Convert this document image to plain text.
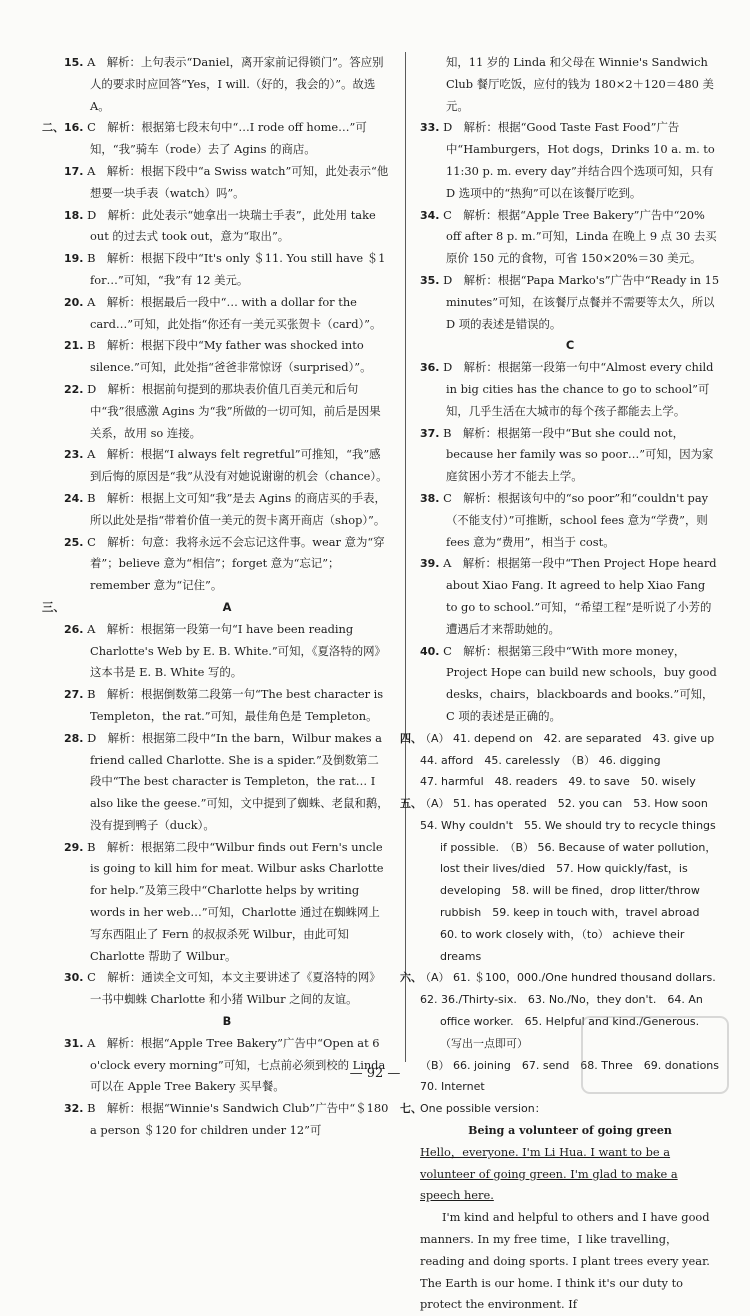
15. A　解析：上句表示“Daniel，离开家前记得锁门”。答应别人的要求时应回答“Yes，I will.（好的，我会的）”。故选 A。

二、 16. C　解析：根据第七段末句中“…I rode off home…”可知，“我”骑车（rode）去了 Agins 的商店。

17. A　解析：根据下段中“a Swiss watch”可知，此处表示“他想要一块手表（watch）吗”。

18. D　解析：此处表示“她拿出一块瑞士手表”，此处用 take out 的过去式 took out，意为“取出”。

19. B　解析：根据下段中“It's only ＄11. You still have ＄1 for…”可知，“我”有 12 美元。

20. A　解析：根据最后一段中“… with a dollar for the card…”可知，此处指“你还有一美元买张贺卡（card）”。

21. B　解析：根据下段中“My father was shocked into silence.”可知，此处指“爸爸非常惊讶（surprised）”。

22. D　解析：根据前句提到的那块表价值几百美元和后句中“我”很感激 Agins 为“我”所做的一切可知，前后是因果关系，故用 so 连接。

23. A　解析：根据“I always felt regretful”可推知，“我”感到后悔的原因是“我”从没有对她说谢谢的机会（chance）。

24. B　解析：根据上文可知“我”是去 Agins 的商店买的手表，所以此处是指“带着价值一美元的贺卡离开商店（shop）”。

25. C　解析：句意：我将永远不会忘记这件事。wear 意为“穿着”；believe 意为“相信”；forget 意为“忘记”；remember 意为“记住”。

三、	A

26. A　解析：根据第一段第一句“I have been reading Charlotte's Web by E. B. White.”可知，《夏洛特的网》这本书是 E. B. White 写的。

27. B　解析：根据倒数第二段第一句“The best character is Templeton，the rat.”可知，最佳角色是 Templeton。

28. D　解析：根据第二段中“In the barn，Wilbur makes a friend called Charlotte. She is a spider.”及倒数第二段中“The best character is Templeton，the rat… I also like the geese.”可知，文中提到了蜘蛛、老鼠和鹅，没有提到鸭子（duck）。

29. B　解析：根据第二段中“Wilbur finds out Fern's uncle is going to kill him for meat. Wilbur asks Charlotte for help.”及第三段中“Charlotte helps by writing words in her web…”可知，Charlotte 通过在蜘蛛网上写东西阻止了 Fern 的叔叔杀死 Wilbur，由此可知 Charlotte 帮助了 Wilbur。

30. C　解析：通读全文可知，本文主要讲述了《夏洛特的网》一书中蜘蛛 Charlotte 和小猪 Wilbur 之间的友谊。

B

31. A　解析：根据“Apple Tree Bakery”广告中“Open at 6 o'clock every morning”可知，七点前必须到校的 Linda 可以在 Apple Tree Bakery 买早餐。

32. B　解析：根据“Winnie's Sandwich Club”广告中“＄180 a person ＄120 for children under 12”可

知，11 岁的 Linda 和父母在 Winnie's Sandwich Club 餐厅吃饭，应付的钱为 180×2＋120＝480 美元。

33. D　解析：根据“Good Taste Fast Food”广告中“Hamburgers，Hot dogs，Drinks 10 a. m. to 11:30 p. m. every day”并结合四个选项可知，只有 D 选项中的“热狗”可以在该餐厅吃到。

34. C　解析：根据“Apple Tree Bakery”广告中“20% off after 8 p. m.”可知，Linda 在晚上 9 点 30 去买原价 150 元的食物，可省 150×20%＝30 美元。

35. D　解析：根据“Papa Marko's”广告中“Ready in 15 minutes”可知，在该餐厅点餐并不需要等太久，所以 D 项的表述是错误的。

C

36. D　解析：根据第一段第一句中“Almost every child in big cities has the chance to go to school”可知，几乎生活在大城市的每个孩子都能去上学。

37. B　解析：根据第一段中“But she could not，because her family was so poor…”可知，因为家庭贫困小芳才不能去上学。

38. C　解析：根据该句中的“so poor”和“couldn't pay（不能支付）”可推断，school fees 意为“学费”，则 fees 意为“费用”，相当于 cost。

39. A　解析：根据第一段中“Then Project Hope heard about Xiao Fang. It agreed to help Xiao Fang to go to school.”可知，“希望工程”是听说了小芳的遭遇后才来帮助她的。

40. C　解析：根据第三段中“With more money，Project Hope can build new schools，buy good desks，chairs，blackboards and books.”可知，C 项的表述是正确的。

四、
（A） 41. depend on　42. are separated　43. give up

44. afford　45. carelessly　（B） 46. digging

47. harmful　48. readers　49. to save　50. wisely

五、
（A） 51. has operated　52. you can　53. How soon

54. Why couldn't　55. We should try to recycle things if possible.　（B） 56. Because of water pollution，lost their lives/died　57. How quickly/fast，is developing　58. will be fined，drop litter/throw rubbish　59. keep in touch with，travel abroad　60. to work closely with，（to） achieve their dreams

六、
（A） 61. ＄100，000./One hundred thousand dollars.

62. 36./Thirty-six.　63. No./No，they don't.　64. An office worker.　65. Helpful and kind./Generous.（写出一点即可）

（B） 66. joining　67. send　68. Three　69. donations

70. Internet

七、
One possible version：

Being a volunteer of going green

Hello，everyone. I'm Li Hua. I want to be a volunteer of going green. I'm glad to make a speech here.

I'm kind and helpful to others and I have good manners. In my free time，I like travelling，reading and doing sports. I plant trees every year. The Earth is our home. I think it's our duty to protect the environment. If

— 92 —
